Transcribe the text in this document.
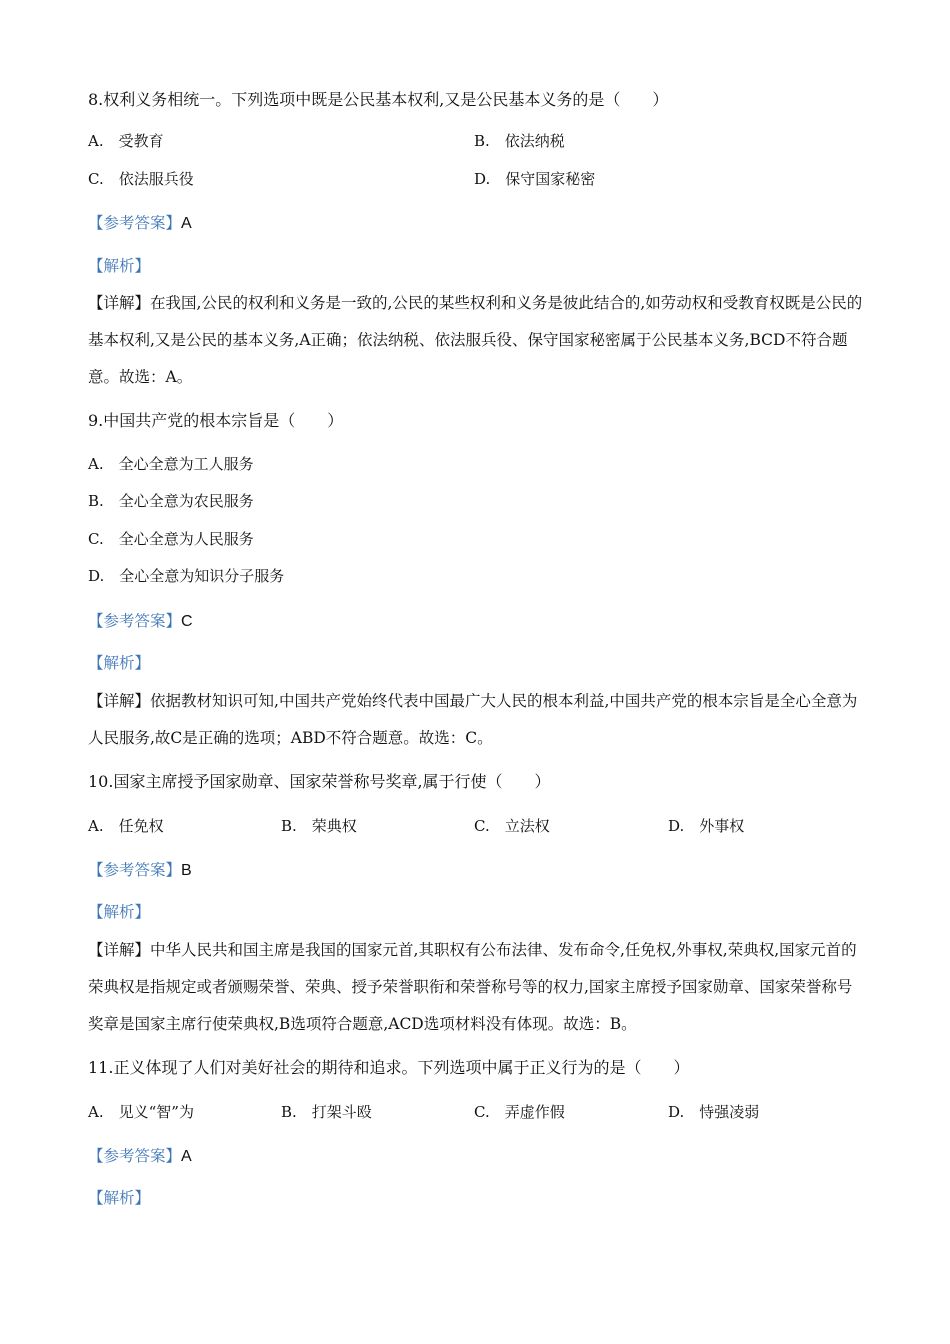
8.权利义务相统一。下列选项中既是公民基本权利,又是公民基本义务的是（　　）
A.　受教育	B.　依法纳税
C.　依法服兵役	D.　保守国家秘密
【参考答案】A
【解析】
【详解】在我国,公民的权利和义务是一致的,公民的某些权利和义务是彼此结合的,如劳动权和受教育权既是公民的基本权利,又是公民的基本义务,A正确；依法纳税、依法服兵役、保守国家秘密属于公民基本义务,BCD不符合题意。故选：A。
9.中国共产党的根本宗旨是（　　）
A.　全心全意为工人服务
B.　全心全意为农民服务
C.　全心全意为人民服务
D.　全心全意为知识分子服务
【参考答案】C
【解析】
【详解】依据教材知识可知,中国共产党始终代表中国最广大人民的根本利益,中国共产党的根本宗旨是全心全意为人民服务,故C是正确的选项；ABD不符合题意。故选：C。
10.国家主席授予国家勋章、国家荣誉称号奖章,属于行使（　　）
A.　任免权	B.　荣典权	C.　立法权	D.　外事权
【参考答案】B
【解析】
【详解】中华人民共和国主席是我国的国家元首,其职权有公布法律、发布命令,任免权,外事权,荣典权,国家元首的荣典权是指规定或者颁赐荣誉、荣典、授予荣誉职衔和荣誉称号等的权力,国家主席授予国家勋章、国家荣誉称号奖章是国家主席行使荣典权,B选项符合题意,ACD选项材料没有体现。故选：B。
11.正义体现了人们对美好社会的期待和追求。下列选项中属于正义行为的是（　　）
A.　见义“智”为	B.　打架斗殴	C.　弄虚作假	D.　恃强凌弱
【参考答案】A
【解析】
